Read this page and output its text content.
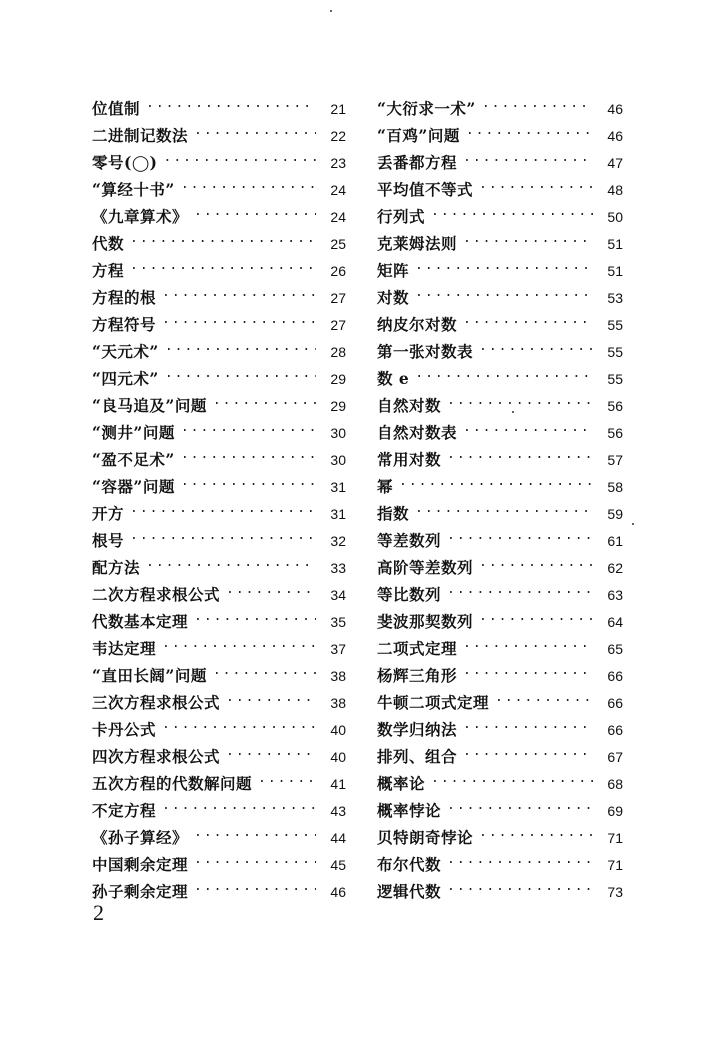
位值制 .....	21
二进制记数法 .....	22
零号(◯) .....	23
“算经十书” .....	24
《九章算术》 .....	24
代数 .....	25
方程 .....	26
方程的根 .....	27
方程符号 .....	27
“天元术” .....	28
“四元术” .....	29
“良马追及”问题 .....	29
“测井”问题 .....	30
“盈不足术” .....	30
“容器”问题 .....	31
开方 .....	31
根号 .....	32
配方法 .....	33
二次方程求根公式 .....	34
代数基本定理 .....	35
韦达定理 .....	37
“直田长阔”问题 .....	38
三次方程求根公式 .....	38
卡丹公式 .....	40
四次方程求根公式 .....	40
五次方程的代数解问题 .....	41
不定方程 .....	43
《孙子算经》 .....	44
中国剩余定理 .....	45
孙子剩余定理 .....	46
“大衍求一术” .....	46
“百鸡”问题 .....	46
丢番都方程 .....	47
平均值不等式 .....	48
行列式 .....	50
克莱姆法则 .....	51
矩阵 .....	51
对数 .....	53
纳皮尔对数 .....	55
第一张对数表 .....	55
数 e .....	55
自然对数 .....	56
自然对数表 .....	56
常用对数 .....	57
幂 .....	58
指数 .....	59
等差数列 .....	61
高阶等差数列 .....	62
等比数列 .....	63
斐波那契数列 .....	64
二项式定理 .....	65
杨辉三角形 .....	66
牛顿二项式定理 .....	66
数学归纳法 .....	66
排列、组合 .....	67
概率论 .....	68
概率悖论 .....	69
贝特朗奇悖论 .....	71
布尔代数 .....	71
逻辑代数 .....	73
2
